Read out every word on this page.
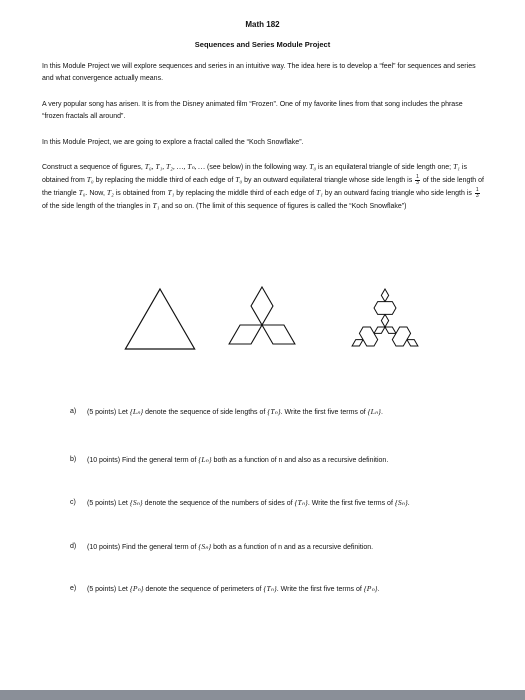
Math 182
Sequences and Series Module Project

In this Module Project we will explore sequences and series in an intuitive way. The idea here is to develop a “feel” for sequences and series and what convergence actually means.

A very popular song has arisen. It is from the Disney animated film “Frozen”. One of my favorite lines from that song includes the phrase “frozen fractals all around”.

In this Module Project, we are going to explore a fractal called the “Koch Snowflake”.

Construct a sequence of figures, T₀, T₁, T₂, …, Tₙ, … (see below) in the following way. T₀ is an equilateral triangle of side length one; T₁ is obtained from T₀ by replacing the middle third of each edge of T₀ by an outward equilateral triangle whose side length is $\frac{1}{3}$ of the side length of the triangle T₀. Now, T₂ is obtained from T₁ by replacing the middle third of each edge of T₁ by an outward facing triangle who side length is $\frac{1}{3}$
of the side length of the triangles in T₁ and so on. (The limit of this sequence of figures is called the “Koch Snowflake”)

a)	(5 points) Let {Lₙ} denote the sequence of side lengths of {Tₙ}. Write the first five terms of {Lₙ}.
b)	(10 points) Find the general term of {Lₙ} both as a function of n and also as a recursive definition.
c)	(5 points) Let {Sₙ} denote the sequence of the numbers of sides of {Tₙ}. Write the first five terms of {Sₙ}.
d)	(10 points) Find the general term of {Sₙ} both as a function of n and as a recursive definition.
e)	(5 points) Let {Pₙ} denote the sequence of perimeters of {Tₙ}. Write the first five terms of {Pₙ}.
